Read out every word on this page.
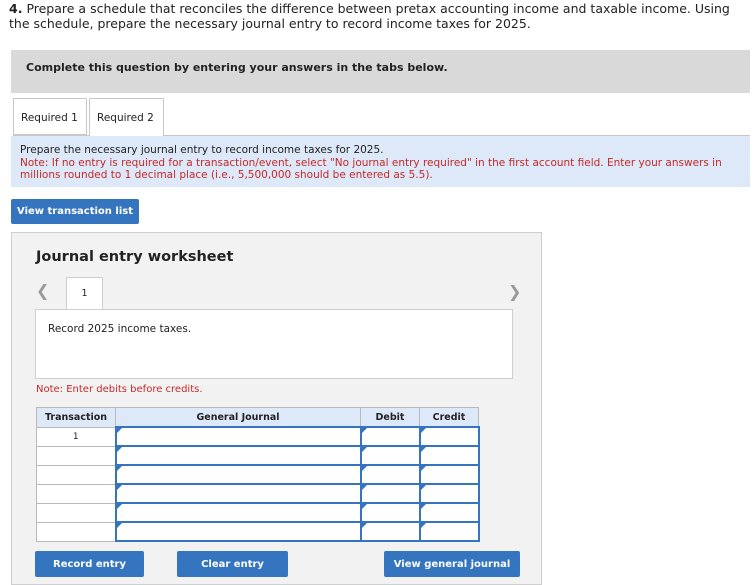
4. Prepare a schedule that reconciles the difference between pretax accounting income and taxable income. Using the schedule, prepare the necessary journal entry to record income taxes for 2025.
Complete this question by entering your answers in the tabs below.
Required 1	Required 2
Prepare the necessary journal entry to record income taxes for 2025.
Note: If no entry is required for a transaction/event, select "No journal entry required" in the first account field. Enter your answers in millions rounded to 1 decimal place (i.e., 5,500,000 should be entered as 5.5).
View transaction list
Journal entry worksheet
❮	1	❯
Record 2025 income taxes.
Note: Enter debits before credits.
Transaction	General Journal	Debit	Credit
1			

Record entry	Clear entry	View general journal
